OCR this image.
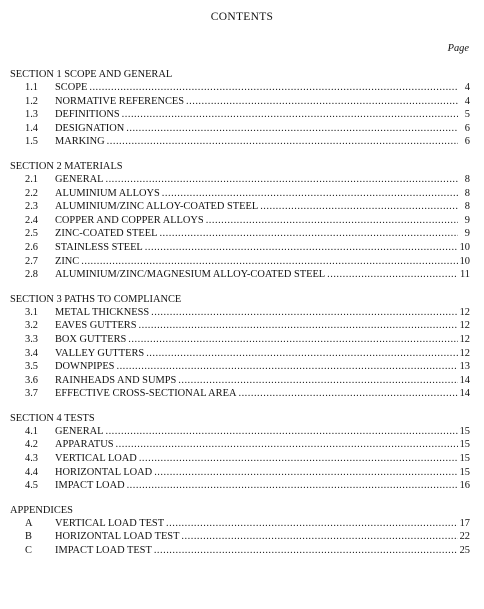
CONTENTS
Page
SECTION 1 SCOPE AND GENERAL
1.1 SCOPE .....	4
1.2 NORMATIVE REFERENCES .....	4
1.3 DEFINITIONS .....	5
1.4 DESIGNATION .....	6
1.5 MARKING .....	6
SECTION 2 MATERIALS
2.1 GENERAL .....	8
2.2 ALUMINIUM ALLOYS .....	8
2.3 ALUMINIUM/ZINC ALLOY-COATED STEEL .....	8
2.4 COPPER AND COPPER ALLOYS .....	9
2.5 ZINC-COATED STEEL .....	9
2.6 STAINLESS STEEL .....	10
2.7 ZINC .....	10
2.8 ALUMINIUM/ZINC/MAGNESIUM ALLOY-COATED STEEL .....	11
SECTION 3 PATHS TO COMPLIANCE
3.1 METAL THICKNESS .....	12
3.2 EAVES GUTTERS .....	12
3.3 BOX GUTTERS .....	12
3.4 VALLEY GUTTERS .....	12
3.5 DOWNPIPES .....	13
3.6 RAINHEADS AND SUMPS .....	14
3.7 EFFECTIVE CROSS-SECTIONAL AREA .....	14
SECTION 4 TESTS
4.1 GENERAL .....	15
4.2 APPARATUS .....	15
4.3 VERTICAL LOAD .....	15
4.4 HORIZONTAL LOAD .....	15
4.5 IMPACT LOAD .....	16
APPENDICES
A	VERTICAL LOAD TEST .....	17
B	HORIZONTAL LOAD TEST .....	22
C	IMPACT LOAD TEST .....	25
